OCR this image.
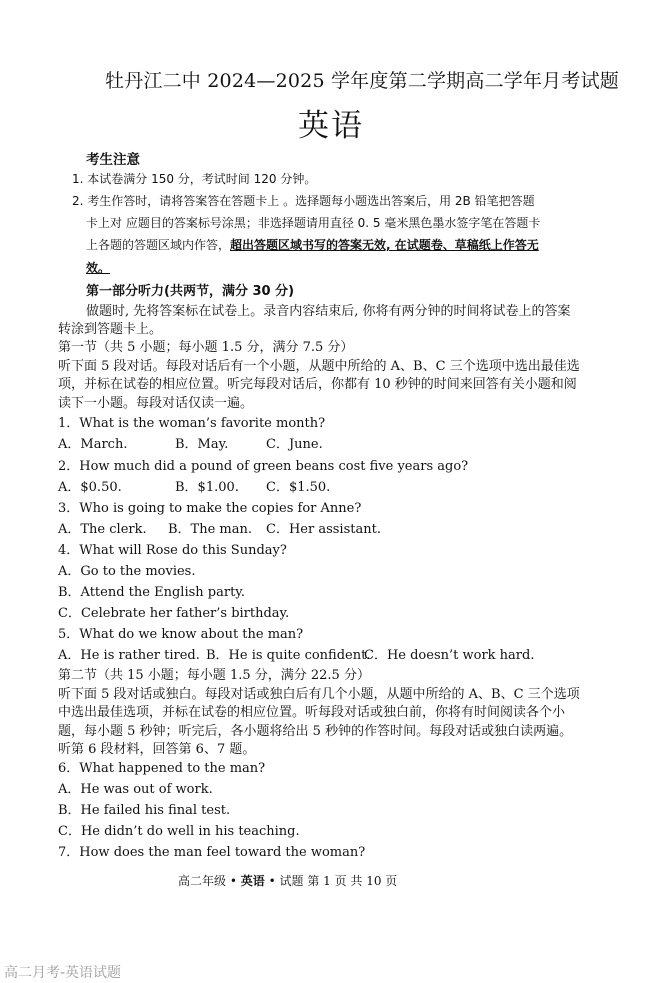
牡丹江二中 2024—2025 学年度第二学期高二学年月考试题
英语
考生注意
1. 本试卷满分 150 分，考试时间 120 分钟。
2. 考生作答时，请将答案答在答题卡上 。选择题每小题选出答案后，用 2B 铅笔把答题
卡上对 应题目的答案标号涂黑；非选择题请用直径 0. 5 毫米黑色墨水签字笔在答题卡
上各题的答题区域内作答，超出答题区域书写的答案无效, 在试题卷、草稿纸上作答无
效。
第一部分听力(共两节，满分 30 分)
做题时, 先将答案标在试卷上。录音内容结束后, 你将有两分钟的时间将试卷上的答案
转涂到答题卡上。
第一节（共 5 小题；每小题 1.5 分，满分 7.5 分）
听下面 5 段对话。每段对话后有一个小题，从题中所给的 A、B、C 三个选项中选出最佳选
项，并标在试卷的相应位置。听完每段对话后，你都有 10 秒钟的时间来回答有关小题和阅
读下一小题。每段对话仅读一遍。
1．What is the woman’s favorite month?
A．March.	B．May.	C．June.
2．How much did a pound of green beans cost five years ago?
A．$0.50.	B．$1.00. C．$1.50.
3．Who is going to make the copies for Anne?
A．The clerk. B．The man. C．Her assistant.
4．What will Rose do this Sunday?
A．Go to the movies.
B．Attend the English party.
C．Celebrate her father’s birthday.
5．What do we know about the man?
A．He is rather tired. B．He is quite confident.
C．He doesn’t work hard.
第二节（共 15 小题；每小题 1.5 分，满分 22.5 分）
听下面 5 段对话或独白。每段对话或独白后有几个小题，从题中所给的 A、B、C 三个选项
中选出最佳选项，并标在试卷的相应位置。听每段对话或独白前，你将有时间阅读各个小
题，每小题 5 秒钟；听完后，各小题将给出 5 秒钟的作答时间。每段对话或独白读两遍。
听第 6 段材料，回答第 6、7 题。
6．What happened to the man?
A．He was out of work.
B．He failed his final test.
C．He didn’t do well in his teaching.
7．How does the man feel toward the woman?
高二年级 • 英语 • 试题 第 1 页 共 10 页
高二月考-英语试题
